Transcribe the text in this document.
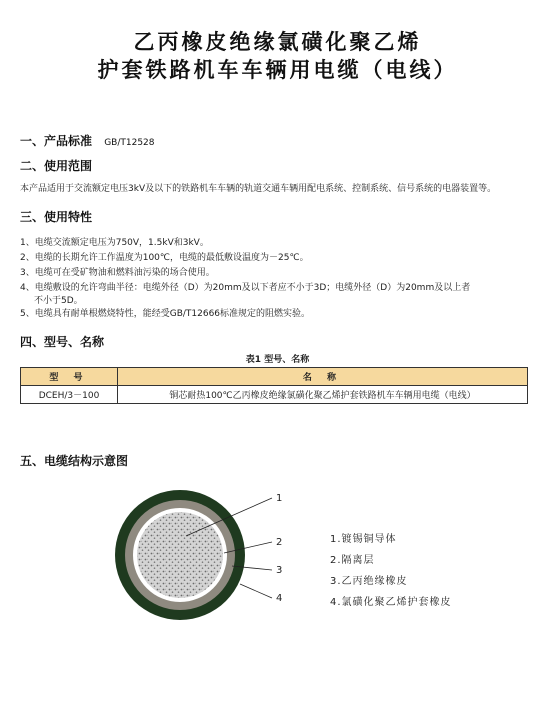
乙丙橡皮绝缘氯磺化聚乙烯
护套铁路机车车辆用电缆（电线）
一、产品标准 GB/T12528
二、使用范围
本产品适用于交流额定电压3kV及以下的铁路机车车辆的轨道交通车辆用配电系统、控制系统、信号系统的电器装置等。
三、使用特性
1、电缆交流额定电压为750V，1.5kV和3kV。
2、电缆的长期允许工作温度为100℃，电缆的最低敷设温度为－25℃。
3、电缆可在受矿物油和燃料油污染的场合使用。
4、电缆敷设的允许弯曲半径：电缆外径（D）为20mm及以下者应不小于3D；电缆外径（D）为20mm及以上者
不小于5D。
5、电缆具有耐单根燃烧特性，能经受GB/T12666标准规定的阻燃实验。
四、型号、名称
表1 型号、名称
型 号	名 称
DCEH/3－100	铜芯耐热100℃乙丙橡皮绝缘氯磺化聚乙烯护套铁路机车车辆用电缆（电线）
五、电缆结构示意图
1
2
3
4
1.镀锡铜导体
2.隔离层
3.乙丙绝缘橡皮
4.氯磺化聚乙烯护套橡皮
